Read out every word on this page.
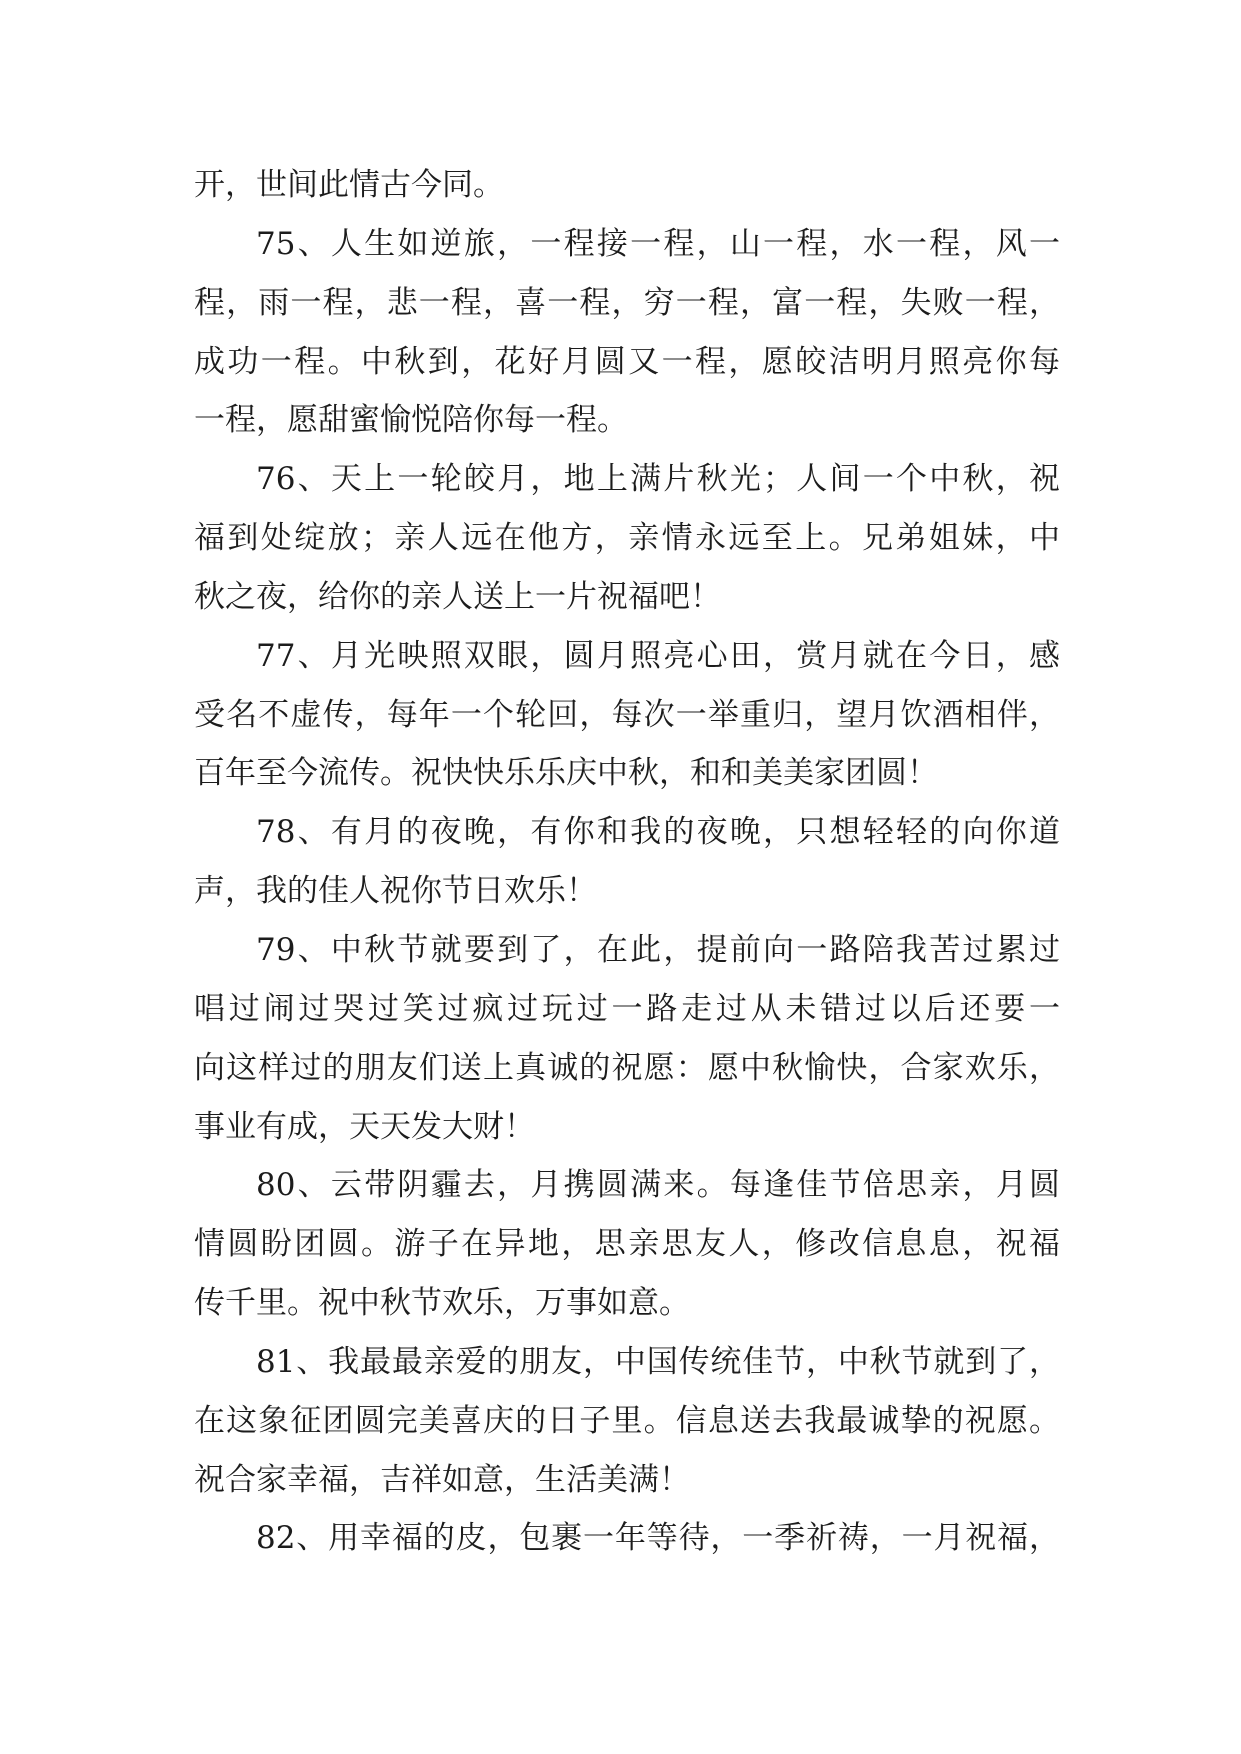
开，世间此情古今同。
75、人生如逆旅，一程接一程，山一程，水一程，风一
程，雨一程，悲一程，喜一程，穷一程，富一程，失败一程，
成功一程。中秋到，花好月圆又一程，愿皎洁明月照亮你每
一程，愿甜蜜愉悦陪你每一程。
76、天上一轮皎月，地上满片秋光；人间一个中秋，祝
福到处绽放；亲人远在他方，亲情永远至上。兄弟姐妹，中
秋之夜，给你的亲人送上一片祝福吧！
77、月光映照双眼，圆月照亮心田，赏月就在今日，感
受名不虚传，每年一个轮回，每次一举重归，望月饮酒相伴，
百年至今流传。祝快快乐乐庆中秋，和和美美家团圆！
78、有月的夜晚，有你和我的夜晚，只想轻轻的向你道
声，我的佳人祝你节日欢乐！
79、中秋节就要到了，在此，提前向一路陪我苦过累过
唱过闹过哭过笑过疯过玩过一路走过从未错过以后还要一
向这样过的朋友们送上真诚的祝愿：愿中秋愉快，合家欢乐，
事业有成，天天发大财！
80、云带阴霾去，月携圆满来。每逢佳节倍思亲，月圆
情圆盼团圆。游子在异地，思亲思友人，修改信息息，祝福
传千里。祝中秋节欢乐，万事如意。
81、我最最亲爱的朋友，中国传统佳节，中秋节就到了，
在这象征团圆完美喜庆的日子里。信息送去我最诚挚的祝愿。
祝合家幸福，吉祥如意，生活美满！
82、用幸福的皮，包裹一年等待，一季祈祷，一月祝福，
